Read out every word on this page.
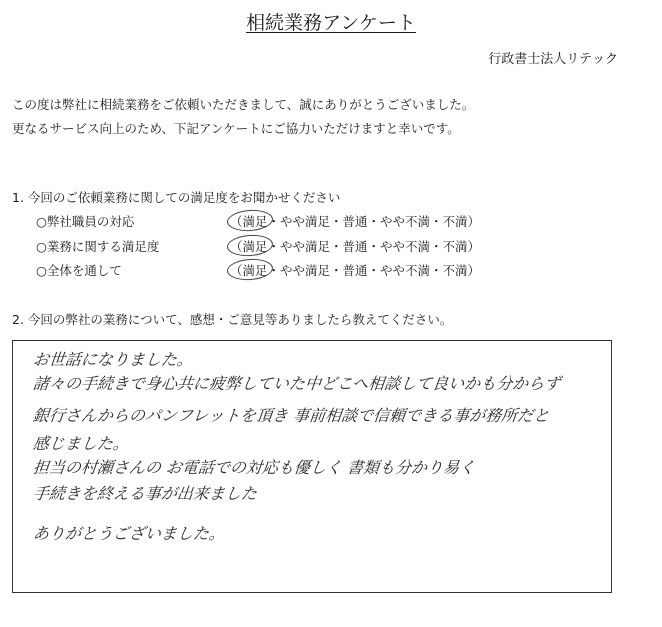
相続業務アンケート
行政書士法人リテック
この度は弊社に相続業務をご依頼いただきまして、誠にありがとうございました。
更なるサービス向上のため、下記アンケートにご協力いただけますと幸いです。
1. 今回のご依頼業務に関しての満足度をお聞かせください
○弊社職員の対応	（満足・やや満足・普通・やや不満・不満）
○業務に関する満足度	（満足・やや満足・普通・やや不満・不満）
○全体を通して	（満足・やや満足・普通・やや不満・不満）
2. 今回の弊社の業務について、感想・ご意見等ありましたら教えてください。
お世話になりました。
諸々の手続きで身心共に疲弊していた中どこへ相談して良いかも分からず
銀行さんからのパンフレットを頂き 事前相談で信頼できる事が務所だと
感じました。
担当の村瀬さんの お電話での対応も優しく 書類も分かり易く
手続きを終える事が出来ました
ありがとうございました。
